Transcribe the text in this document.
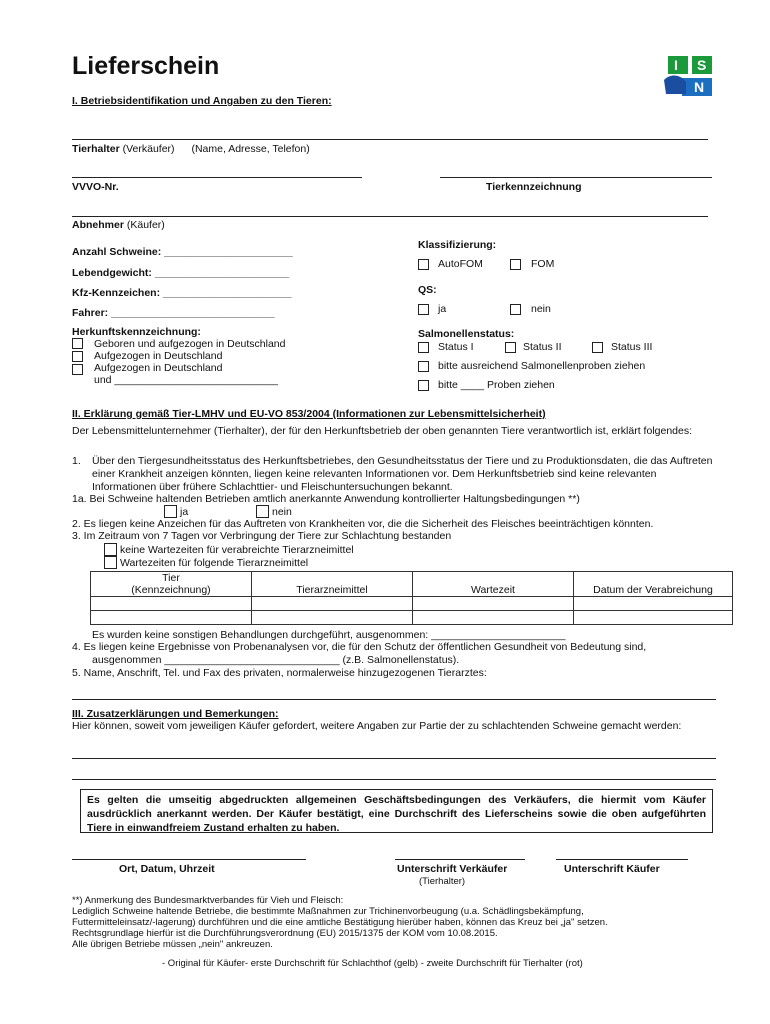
Lieferschein	I S
N
I. Betriebsidentifikation und Angaben zu den Tieren:
Tierhalter (Verkäufer) (Name, Adresse, Telefon)
VVVO-Nr.	Tierkennzeichnung
Abnehmer (Käufer)
Anzahl Schweine: ______________________
Lebendgewicht: _______________________
Kfz-Kennzeichen: ______________________
Fahrer: ____________________________
Herkunftskennzeichnung:
Geboren und aufgezogen in Deutschland
Aufgezogen in Deutschland
Aufgezogen in Deutschland
und ____________________________
Klassifizierung:
AutoFOM	FOM
QS:
ja	nein
Salmonellenstatus:
Status I	Status II	Status III
bitte ausreichend Salmonellenproben ziehen
bitte ____ Proben ziehen
II. Erklärung gemäß Tier-LMHV und EU-VO 853/2004 (Informationen zur Lebensmittelsicherheit)
Der Lebensmittelunternehmer (Tierhalter), der für den Herkunftsbetrieb der oben genannten Tiere verantwortlich ist, erklärt folgendes:
1. Über den Tiergesundheitsstatus des Herkunftsbetriebes, den Gesundheitsstatus der Tiere und zu Produktionsdaten, die das Auftreten einer Krankheit anzeigen könnten, liegen keine relevanten Informationen vor. Dem Herkunftsbetrieb sind keine relevanten Informationen über frühere Schlachttier- und Fleischuntersuchungen bekannt.
1a. Bei Schweine haltenden Betrieben amtlich anerkannte Anwendung kontrollierter Haltungsbedingungen **)
ja	nein
2. Es liegen keine Anzeichen für das Auftreten von Krankheiten vor, die die Sicherheit des Fleisches beeinträchtigen könnten.
3. Im Zeitraum von 7 Tagen vor Verbringung der Tiere zur Schlachtung bestanden
keine Wartezeiten für verabreichte Tierarzneimittel
Wartezeiten für folgende Tierarzneimittel
Tier
(Kennzeichnung)	Tierarzneimittel	Wartezeit	Datum der Verabreichung

Es wurden keine sonstigen Behandlungen durchgeführt, ausgenommen: _______________________
4. Es liegen keine Ergebnisse von Probenanalysen vor, die für den Schutz der öffentlichen Gesundheit von Bedeutung sind,
ausgenommen ______________________________ (z.B. Salmonellenstatus).
5. Name, Anschrift, Tel. und Fax des privaten, normalerweise hinzugezogenen Tierarztes:
III. Zusatzerklärungen und Bemerkungen:
Hier können, soweit vom jeweiligen Käufer gefordert, weitere Angaben zur Partie der zu schlachtenden Schweine gemacht werden:
Es gelten die umseitig abgedruckten allgemeinen Geschäftsbedingungen des Verkäufers, die hiermit vom Käufer ausdrücklich anerkannt werden. Der Käufer bestätigt, eine Durchschrift des Lieferscheins sowie die oben aufgeführten Tiere in einwandfreiem Zustand erhalten zu haben.
Ort, Datum, Uhrzeit	Unterschrift Verkäufer
(Tierhalter)
Unterschrift Käufer
**) Anmerkung des Bundesmarktverbandes für Vieh und Fleisch:
Lediglich Schweine haltende Betriebe, die bestimmte Maßnahmen zur Trichinenvorbeugung (u.a. Schädlingsbekämpfung,
Futtermitteleinsatz/-lagerung) durchführen und die eine amtliche Bestätigung hierüber haben, können das Kreuz bei „ja" setzen.
Rechtsgrundlage hierfür ist die Durchführungsverordnung (EU) 2015/1375 der KOM vom 10.08.2015.
Alle übrigen Betriebe müssen „nein" ankreuzen.
- Original für Käufer- erste Durchschrift für Schlachthof (gelb) - zweite Durchschrift für Tierhalter (rot)
